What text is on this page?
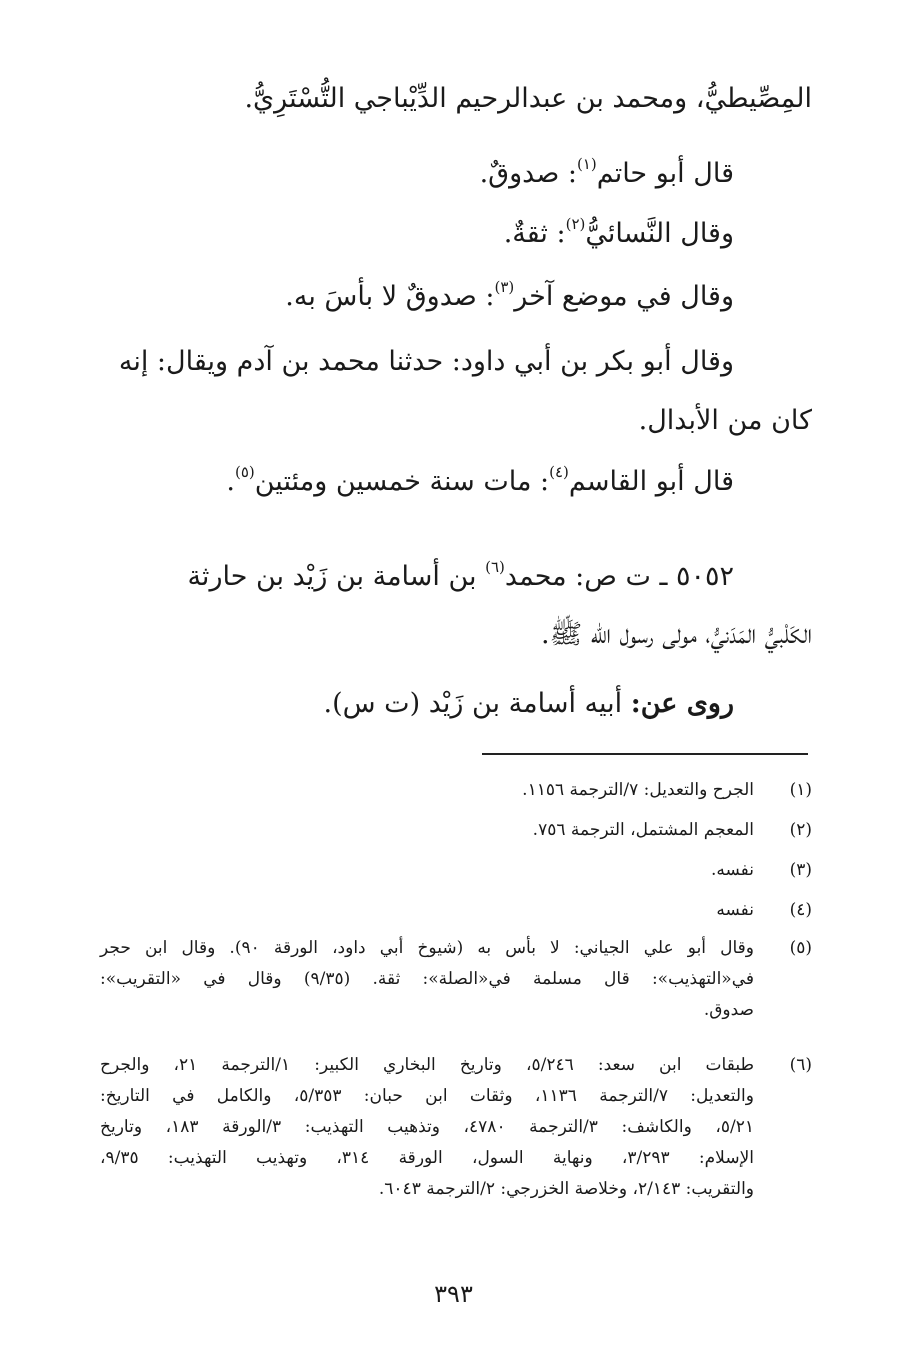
المِصِّيطيُّ، ومحمد بن عبدالرحيم الدِّيْباجي التُّسْتَرِيُّ.
قال أبو حاتم$^{(١)}$: صدوقٌ.
وقال النَّسائيُّ$^{(٢)}$: ثقةٌ.
وقال في موضع آخر$^{(٣)}$: صدوقٌ لا بأسَ به.
وقال أبو بكر بن أبي داود: حدثنا محمد بن آدم ويقال: إنه
كان من الأبدال.
قال أبو القاسم$^{(٤)}$: مات سنة خمسين ومئتين$^{(٥)}$.
٥٠٥٢ ـ ت ص: محمد$^{(٦)}$ بن أسامة بن زَيْد بن حارثة
الكَلْبيُّ المَدَنيُّ، مولى رسول الله ﷺ.
روى عن: أبيه أسامة بن زَيْد (ت س).
(١)
الجرح والتعديل: ٧/الترجمة ١١٥٦.
(٢)
المعجم المشتمل، الترجمة ٧٥٦.
(٣)
نفسه.
(٤)
نفسه
(٥)
وقال أبو علي الجياني: لا بأس به (شيوخ أبي داود، الورقة ٩٠). وقال ابن حجر
في«التهذيب»: قال مسلمة في«الصلة»: ثقة. (٩/٣٥) وقال في «التقريب»:
صدوق.
(٦)
طبقات ابن سعد: ٥/٢٤٦، وتاريخ البخاري الكبير: ١/الترجمة ٢١، والجرح
والتعديل: ٧/الترجمة ١١٣٦، وثقات ابن حبان: ٥/٣٥٣، والكامل في التاريخ:
٥/٢١، والكاشف: ٣/الترجمة ٤٧٨٠، وتذهيب التهذيب: ٣/الورقة ١٨٣، وتاريخ
الإسلام: ٣/٢٩٣، ونهاية السول، الورقة ٣١٤، وتهذيب التهذيب: ٩/٣٥،
والتقريب: ٢/١٤٣، وخلاصة الخزرجي: ٢/الترجمة ٦٠٤٣.
٣٩٣
